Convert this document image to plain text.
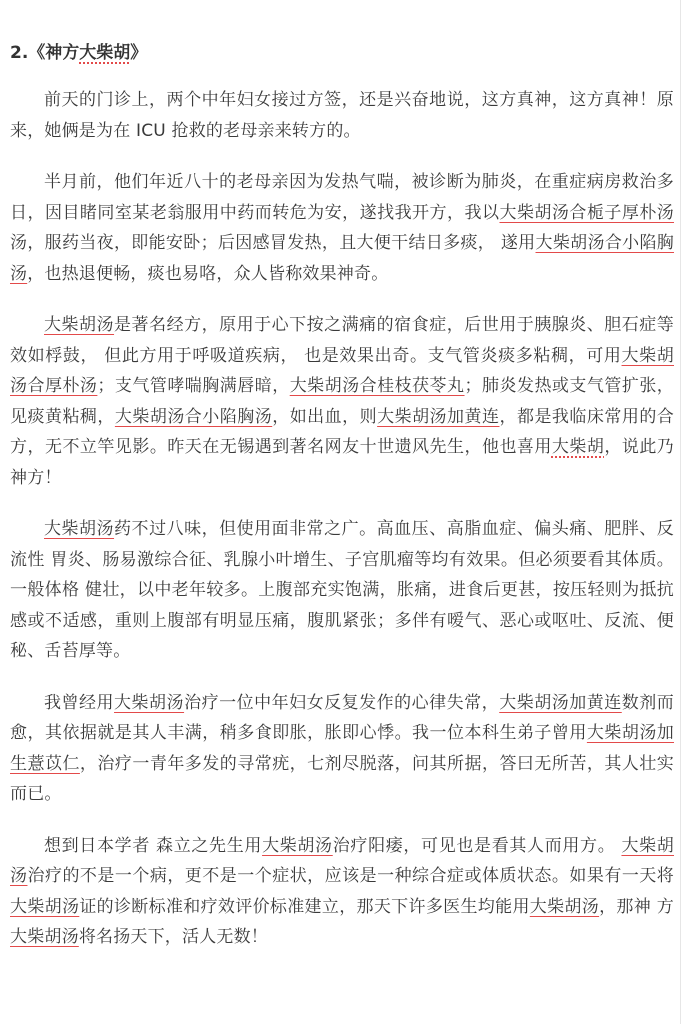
2.《神方大柴胡》

前天的门诊上，两个中年妇女接过方签，还是兴奋地说，这方真神，这方真神！原来，她俩是为在 ICU 抢救的老母亲来转方的。

半月前，他们年近八十的老母亲因为发热气喘，被诊断为肺炎，在重症病房救治多日，因目睹同室某老翁服用中药而转危为安，遂找我开方，我以大柴胡汤合栀子厚朴汤汤，服药当夜，即能安卧；后因感冒发热，且大便干结日多痰， 遂用大柴胡汤合小陷胸汤，也热退便畅，痰也易咯，众人皆称效果神奇。

大柴胡汤是著名经方，原用于心下按之满痛的宿食症，后世用于胰腺炎、胆石症等效如桴鼓， 但此方用于呼吸道疾病， 也是效果出奇。支气管炎痰多粘稠，可用大柴胡汤合厚朴汤；支气管哮喘胸满唇暗，大柴胡汤合桂枝茯苓丸；肺炎发热或支气管扩张，见痰黄粘稠，大柴胡汤合小陷胸汤，如出血，则大柴胡汤加黄连，都是我临床常用的合方，无不立竿见影。昨天在无锡遇到著名网友十世遗风先生，他也喜用大柴胡，说此乃神方！

大柴胡汤药不过八味，但使用面非常之广。高血压、高脂血症、偏头痛、肥胖、反流性 胃炎、肠易激综合征、乳腺小叶增生、子宫肌瘤等均有效果。但必须要看其体质。一般体格 健壮，以中老年较多。上腹部充实饱满，胀痛，进食后更甚，按压轻则为抵抗感或不适感，重则上腹部有明显压痛，腹肌紧张；多伴有嗳气、恶心或呕吐、反流、便秘、舌苔厚等。

我曾经用大柴胡汤治疗一位中年妇女反复发作的心律失常，大柴胡汤加黄连数剂而愈，其依据就是其人丰满，稍多食即胀，胀即心悸。我一位本科生弟子曾用大柴胡汤加生薏苡仁，治疗一青年多发的寻常疣，七剂尽脱落，问其所据，答曰无所苦，其人壮实而已。

想到日本学者 森立之先生用大柴胡汤治疗阳痿，可见也是看其人而用方。 大柴胡汤治疗的不是一个病，更不是一个症状，应该是一种综合症或体质状态。如果有一天将大柴胡汤证的诊断标准和疗效评价标准建立，那天下许多医生均能用大柴胡汤，那神 方大柴胡汤将名扬天下，活人无数！
